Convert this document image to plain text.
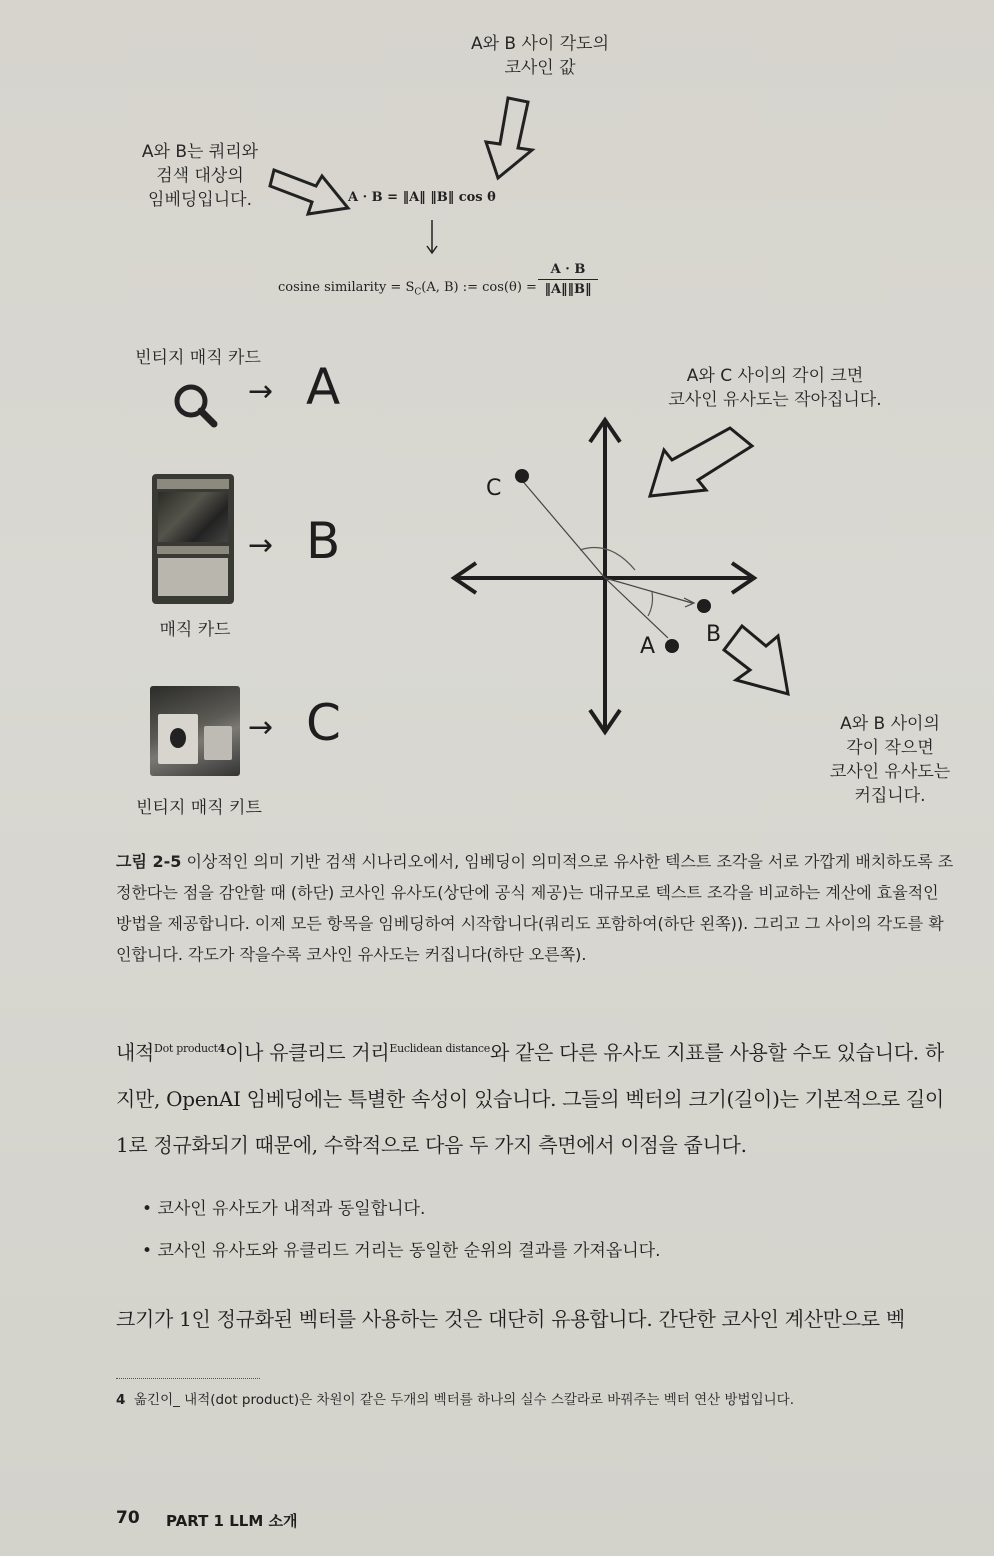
A와 B 사이 각도의
코사인 값
A와 B는 쿼리와
검색 대상의
임베딩입니다.	A · B = ‖A‖ ‖B‖ cos θ
cosine similarity = $S_C(A$, B) := cos(θ) =
A · B
‖A‖‖B‖
빈티지 매직 카드
→ A
→ B
매직 카드
→ C
빈티지 매직 키트
A와 C 사이의 각이 크면
코사인 유사도는 작아집니다.
C
B
A
A와 B 사이의
각이 작으면
코사인 유사도는
커집니다.
그림 2-5 이상적인 의미 기반 검색 시나리오에서, 임베딩이 의미적으로 유사한 텍스트 조각을 서로 가깝게 배치하도록 조정한다는 점을 감안할 때 (하단) 코사인 유사도(상단에 공식 제공)는 대규모로 텍스트 조각을 비교하는 계산에 효율적인 방법을 제공합니다. 이제 모든 항목을 임베딩하여 시작합니다(쿼리도 포함하여(하단 왼쪽)). 그리고 그 사이의 각도를 확인합니다. 각도가 작을수록 코사인 유사도는 커집니다(하단 오른쪽).
내적$^{Dot product4}$이나 유클리드 거리$^{Euclidean distance}$와 같은 다른 유사도 지표를 사용할 수도 있습니다. 하지만, OpenAI 임베딩에는 특별한 속성이 있습니다. 그들의 벡터의 크기(길이)는 기본적으로 길이 1로 정규화되기 때문에, 수학적으로 다음 두 가지 측면에서 이점을 줍니다.
• 코사인 유사도가 내적과 동일합니다.
• 코사인 유사도와 유클리드 거리는 동일한 순위의 결과를 가져옵니다.
크기가 1인 정규화된 벡터를 사용하는 것은 대단히 유용합니다. 간단한 코사인 계산만으로 벡
4 옮긴이_ 내적(dot product)은 차원이 같은 두개의 벡터를 하나의 실수 스칼라로 바꿔주는 벡터 연산 방법입니다.
70 PART 1 LLM 소개
